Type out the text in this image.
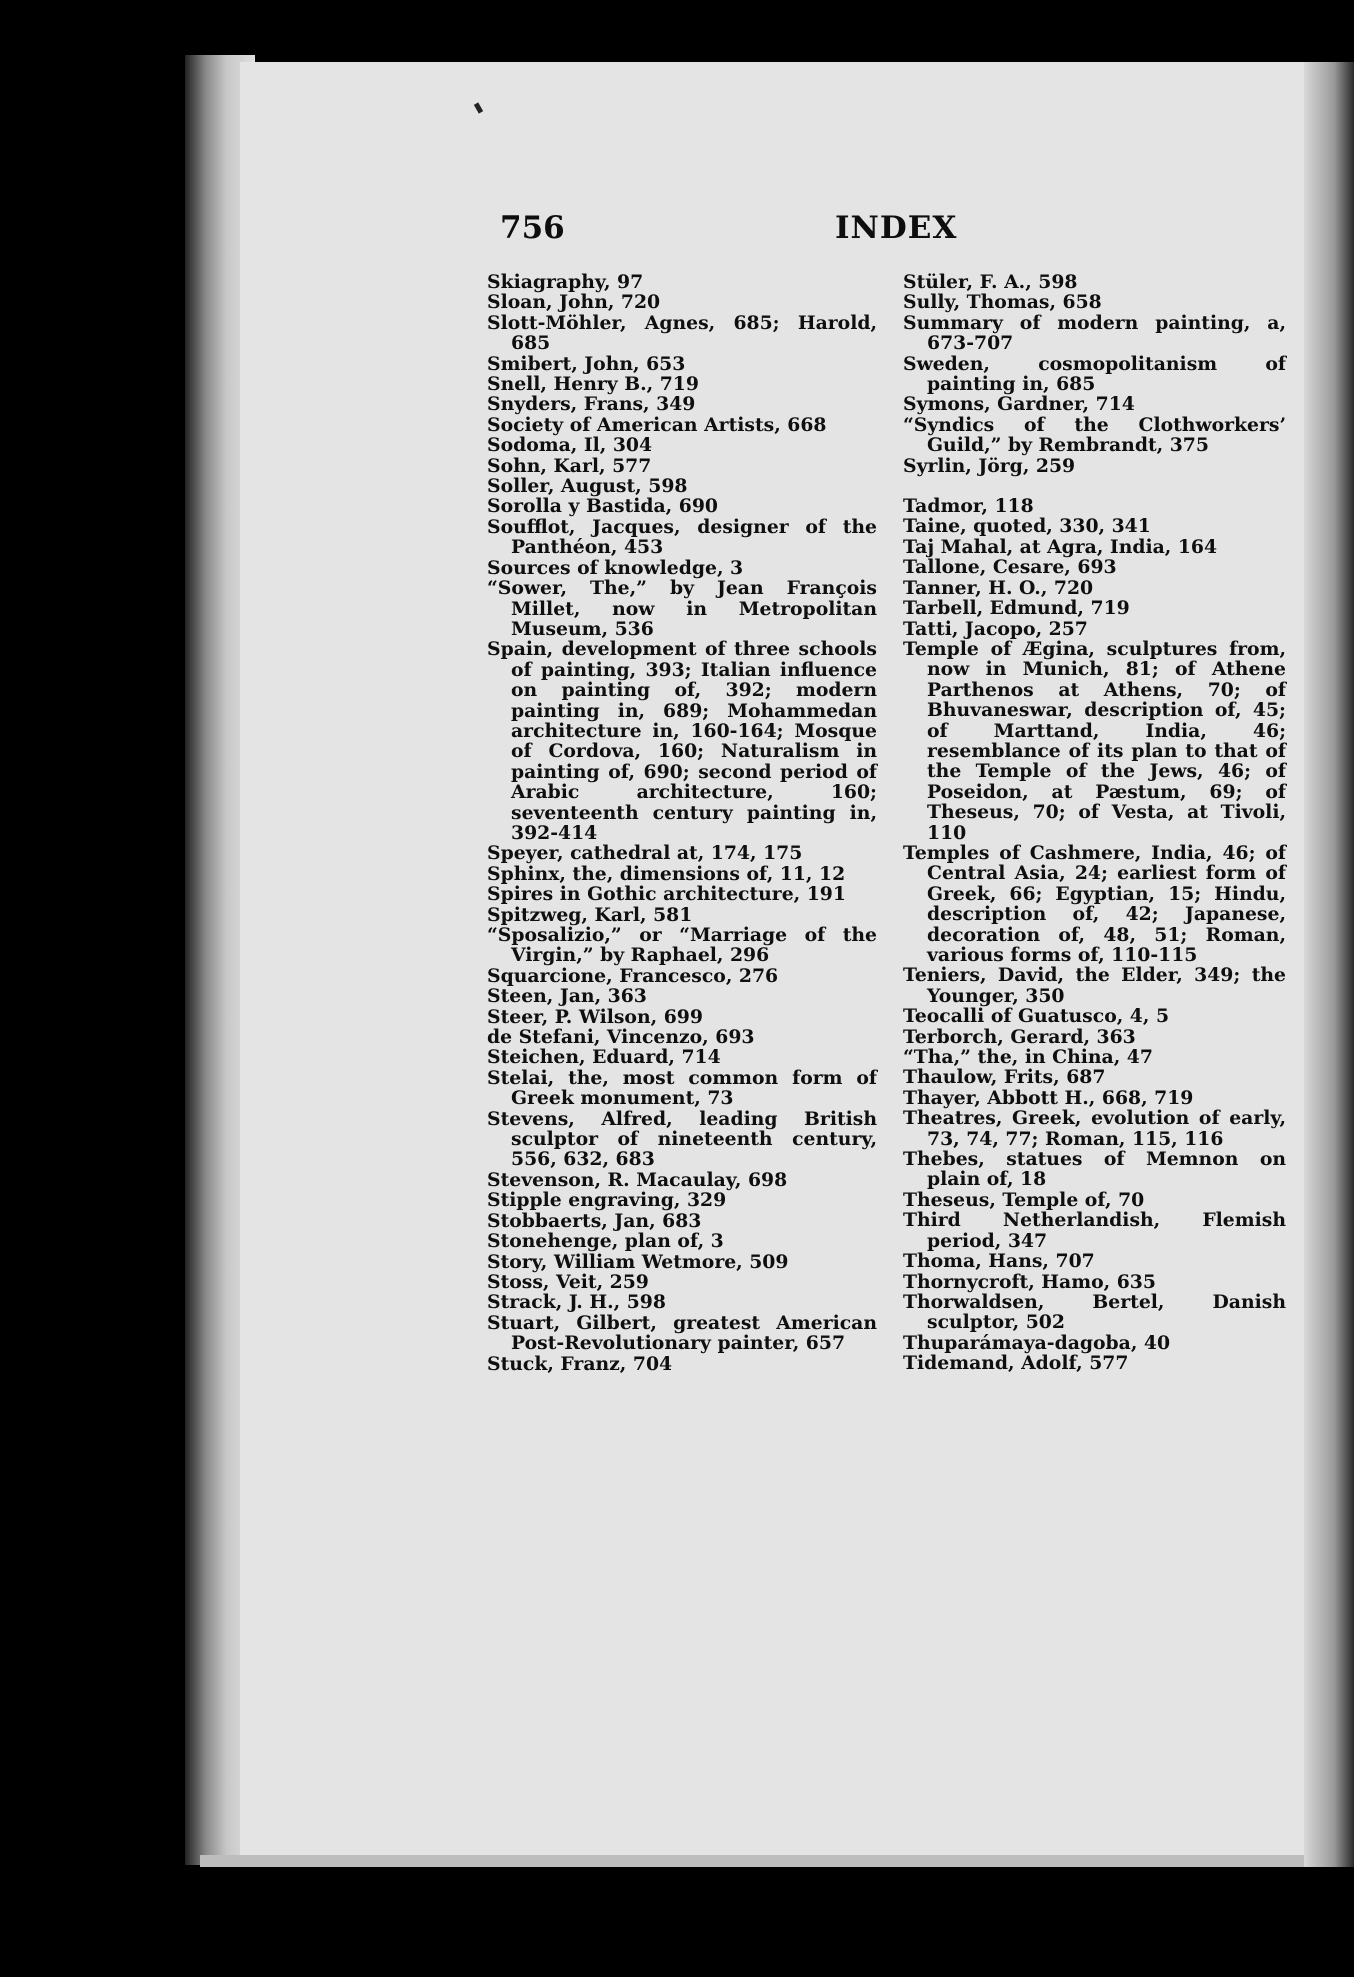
756	INDEX

Skiagraphy, 97

Sloan, John, 720

Slott-Möhler, Agnes, 685; Harold, 685

Smibert, John, 653

Snell, Henry B., 719

Snyders, Frans, 349

Society of American Artists, 668

Sodoma, Il, 304

Sohn, Karl, 577

Soller, August, 598

Sorolla y Bastida, 690

Soufflot, Jacques, designer of the Panthéon, 453

Sources of knowledge, 3

“Sower, The,” by Jean François Millet, now in Metropolitan Museum, 536

Spain, development of three schools of painting, 393; Italian influence on painting of, 392; modern painting in, 689; Mohammedan architecture in, 160-164; Mosque of Cordova, 160; Naturalism in painting of, 690; second period of Arabic architecture, 160; seventeenth century painting in, 392-414

Speyer, cathedral at, 174, 175

Sphinx, the, dimensions of, 11, 12

Spires in Gothic architecture, 191

Spitzweg, Karl, 581

“Sposalizio,” or “Marriage of the Virgin,” by Raphael, 296

Squarcione, Francesco, 276

Steen, Jan, 363

Steer, P. Wilson, 699

de Stefani, Vincenzo, 693

Steichen, Eduard, 714

Stelai, the, most common form of Greek monument, 73

Stevens, Alfred, leading British sculptor of nineteenth century, 556, 632, 683

Stevenson, R. Macaulay, 698

Stipple engraving, 329

Stobbaerts, Jan, 683

Stonehenge, plan of, 3

Story, William Wetmore, 509

Stoss, Veit, 259

Strack, J. H., 598

Stuart, Gilbert, greatest American Post-Revolutionary painter, 657

Stuck, Franz, 704

Stüler, F. A., 598

Sully, Thomas, 658

Summary of modern painting, a, 673-707

Sweden, cosmopolitanism of painting in, 685

Symons, Gardner, 714

“Syndics of the Clothworkers’ Guild,” by Rembrandt, 375

Syrlin, Jörg, 259

Tadmor, 118

Taine, quoted, 330, 341

Taj Mahal, at Agra, India, 164

Tallone, Cesare, 693

Tanner, H. O., 720

Tarbell, Edmund, 719

Tatti, Jacopo, 257

Temple of Ægina, sculptures from, now in Munich, 81; of Athene Parthenos at Athens, 70; of Bhuvaneswar, description of, 45; of Marttand, India, 46; resemblance of its plan to that of the Temple of the Jews, 46; of Poseidon, at Pæstum, 69; of Theseus, 70; of Vesta, at Tivoli, 110

Temples of Cashmere, India, 46; of Central Asia, 24; earliest form of Greek, 66; Egyptian, 15; Hindu, description of, 42; Japanese, decoration of, 48, 51; Roman, various forms of, 110-115

Teniers, David, the Elder, 349; the Younger, 350

Teocalli of Guatusco, 4, 5

Terborch, Gerard, 363

“Tha,” the, in China, 47

Thaulow, Frits, 687

Thayer, Abbott H., 668, 719

Theatres, Greek, evolution of early, 73, 74, 77; Roman, 115, 116

Thebes, statues of Memnon on plain of, 18

Theseus, Temple of, 70

Third Netherlandish, Flemish period, 347

Thoma, Hans, 707

Thornycroft, Hamo, 635

Thorwaldsen, Bertel, Danish sculptor, 502

Thuparámaya-dagoba, 40

Tidemand, Adolf, 577
